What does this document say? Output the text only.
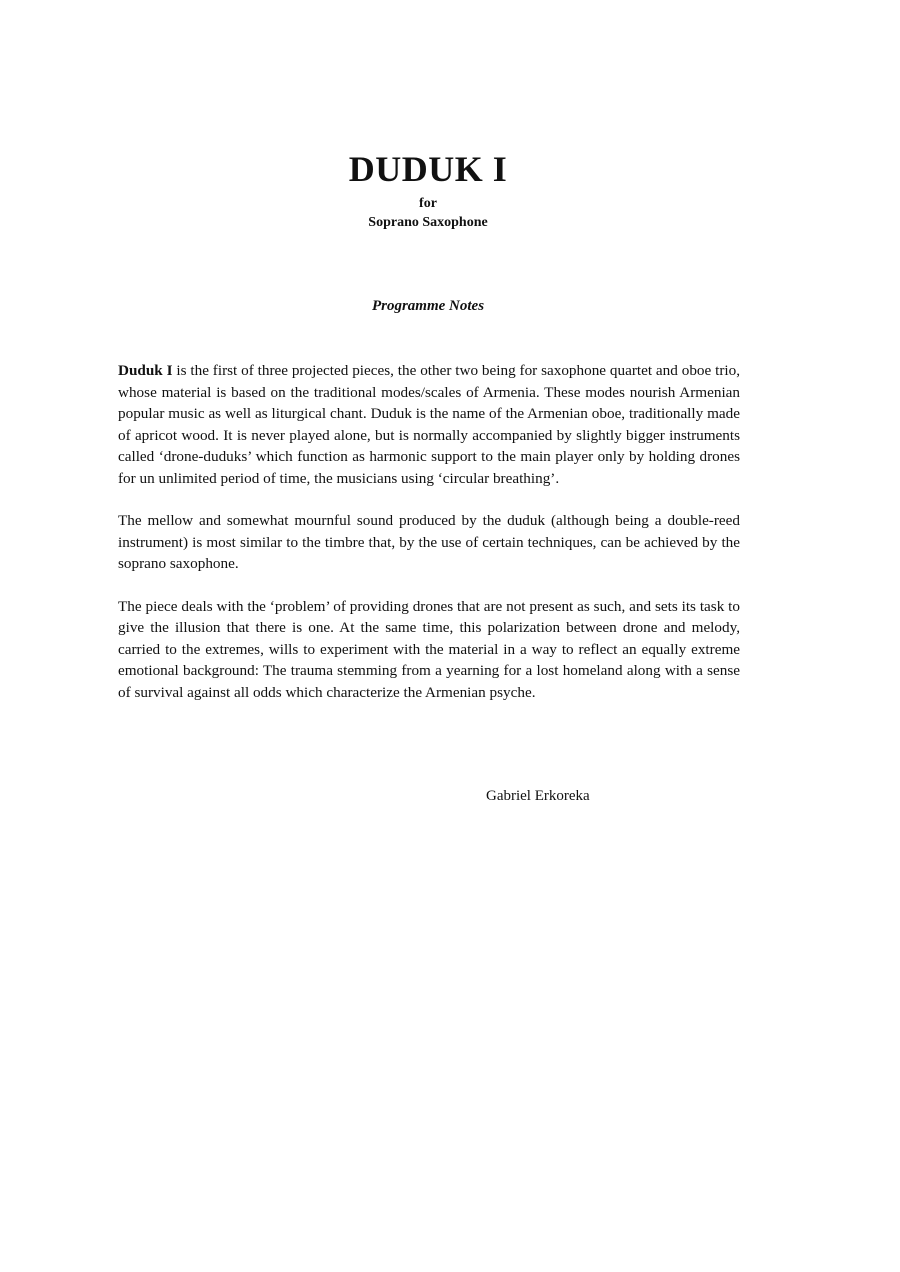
DUDUK I
for
Soprano Saxophone
Programme Notes

Duduk I is the first of three projected pieces, the other two being for saxophone quartet and oboe trio, whose material is based on the traditional modes/scales of Armenia. These modes nourish Armenian popular music as well as liturgical chant. Duduk is the name of the Armenian oboe, traditionally made of apricot wood. It is never played alone, but is normally accompanied by slightly bigger instruments called ‘drone-duduks’ which function as harmonic support to the main player only by holding drones for un unlimited period of time, the musicians using ‘circular breathing’.

The mellow and somewhat mournful sound produced by the duduk (although being a double-reed instrument) is most similar to the timbre that, by the use of certain techniques, can be achieved by the soprano saxophone.

The piece deals with the ‘problem’ of providing drones that are not present as such, and sets its task to give the illusion that there is one. At the same time, this polarization between drone and melody, carried to the extremes, wills to experiment with the material in a way to reflect an equally extreme emotional background: The trauma stemming from a yearning for a lost homeland along with a sense of survival against all odds which characterize the Armenian psyche.

Gabriel Erkoreka
